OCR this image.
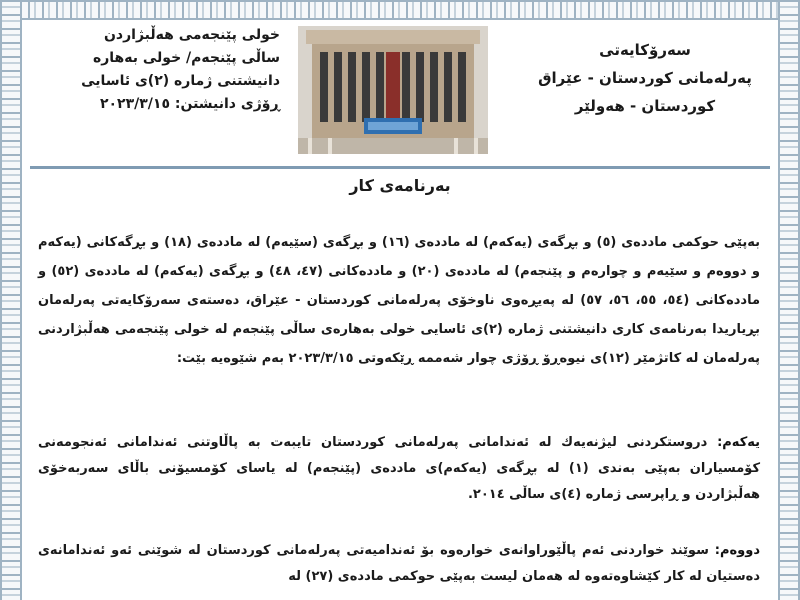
خولی پێنجەمی هەڵبژاردن
ساڵی پێنجەم/ خولی بەهارە
دانیشتنی ژمارە (٢)ی ئاسایی
ڕۆژی دانیشتن: ٢٠٢٣/٣/١٥
سەرۆکایەتی
پەرلەمانی کوردستان - عێراق
کوردستان - هەولێر
بەرنامەی کار
بەپێی حوکمی ماددەی (٥) و بڕگەی (یەکەم) لە ماددەی (١٦) و بڕگەی (سێیەم) لە ماددەی (١٨) و بڕگەکانی (یەکەم و دووەم و سێیەم و چوارەم و پێنجەم) لە ماددەی (٢٠) و ماددەکانی (٤٧، ٤٨) و بڕگەی (یەکەم) لە ماددەی (٥٢) و ماددەکانی (٥٤، ٥٥، ٥٦، ٥٧) لە پەیڕەوی ناوخۆی پەرلەمانی کوردستان - عێراق، دەستەی سەرۆکایەتی پەرلەمان بڕیاریدا بەرنامەی کاری دانیشتنی ژمارە (٢)ی ئاسایی خولی بەهارەی ساڵی پێنجەم لە خولی پێنجەمی هەڵبژاردنی پەرلەمان لە کاتژمێر (١٢)ی نیوەڕۆ ڕۆژی چوار شەممە ڕێکەوتی ٢٠٢٣/٣/١٥ بەم شێوەیە بێت:
یەکەم: دروستکردنی لیژنەیەك لە ئەندامانی پەرلەمانی کوردستان تایبەت بە پاڵاوتنی ئەندامانی ئەنجومەنی کۆمسیاران بەپێی بەندی (١) لە بڕگەی (یەکەم)ی ماددەی (پێنجەم) لە یاسای کۆمسیۆنی باڵای سەربەخۆی هەڵبژاردن و ڕاپرسی ژمارە (٤)ی ساڵی ٢٠١٤.
دووەم: سوێند خواردنی ئەم پاڵێوراوانەی خوارەوە بۆ ئەندامیەتی پەرلەمانی کوردستان لە شوێنی ئەو ئەندامانەی دەستیان لە کار کێشاوەتەوە لە هەمان لیست بەپێی حوکمی ماددەی (٢٧) لە
